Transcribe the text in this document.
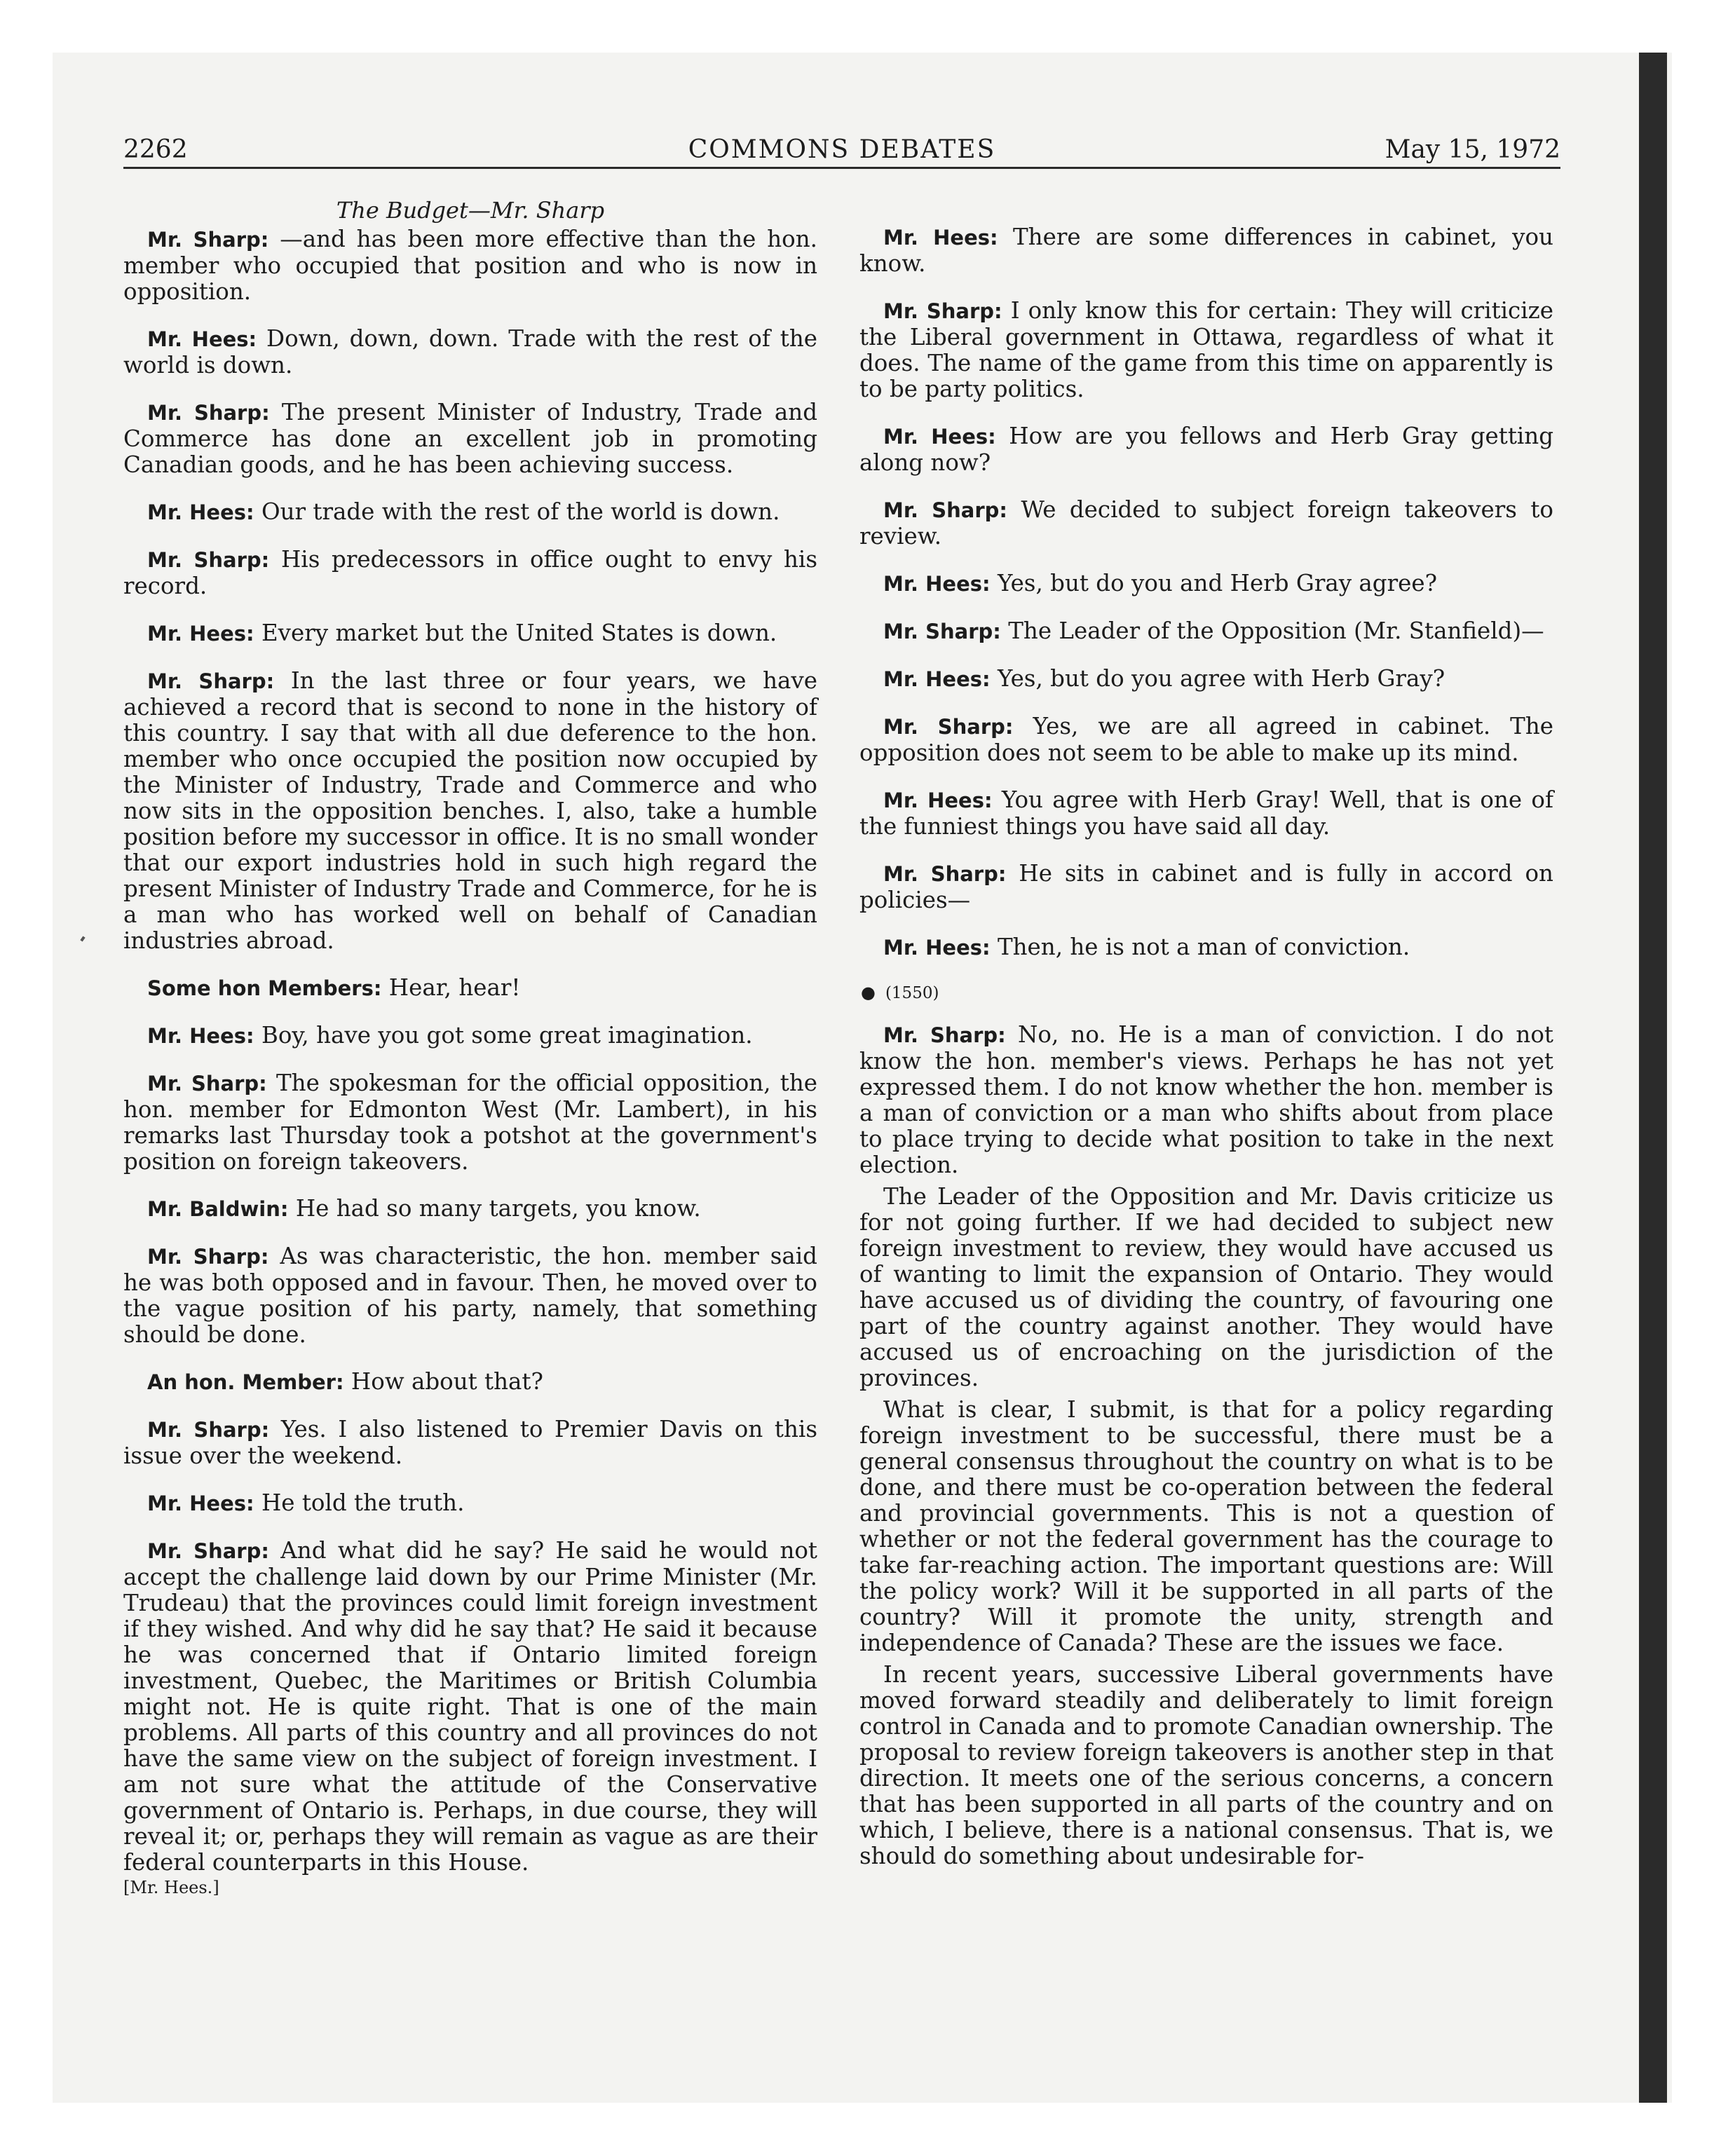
2262	COMMONS DEBATES	May 15, 1972
The Budget—Mr. Sharp

Mr. Sharp: —and has been more effective than the hon. member who occupied that position and who is now in opposition.

Mr. Hees: Down, down, down. Trade with the rest of the world is down.

Mr. Sharp: The present Minister of Industry, Trade and Commerce has done an excellent job in promoting Canadian goods, and he has been achieving success.

Mr. Hees: Our trade with the rest of the world is down.

Mr. Sharp: His predecessors in office ought to envy his record.

Mr. Hees: Every market but the United States is down.

Mr. Sharp: In the last three or four years, we have achieved a record that is second to none in the history of this country. I say that with all due deference to the hon. member who once occupied the position now occupied by the Minister of Industry, Trade and Commerce and who now sits in the opposition benches. I, also, take a humble position before my successor in office. It is no small wonder that our export industries hold in such high regard the present Minister of Industry Trade and Commerce, for he is a man who has worked well on behalf of Canadian industries abroad.

Some hon Members: Hear, hear!

Mr. Hees: Boy, have you got some great imagination.

Mr. Sharp: The spokesman for the official opposition, the hon. member for Edmonton West (Mr. Lambert), in his remarks last Thursday took a potshot at the government's position on foreign takeovers.

Mr. Baldwin: He had so many targets, you know.

Mr. Sharp: As was characteristic, the hon. member said he was both opposed and in favour. Then, he moved over to the vague position of his party, namely, that something should be done.

An hon. Member: How about that?

Mr. Sharp: Yes. I also listened to Premier Davis on this issue over the weekend.

Mr. Hees: He told the truth.

Mr. Sharp: And what did he say? He said he would not accept the challenge laid down by our Prime Minister (Mr. Trudeau) that the provinces could limit foreign investment if they wished. And why did he say that? He said it because he was concerned that if Ontario limited foreign investment, Quebec, the Maritimes or British Columbia might not. He is quite right. That is one of the main problems. All parts of this country and all provinces do not have the same view on the subject of foreign investment. I am not sure what the attitude of the Conservative government of Ontario is. Perhaps, in due course, they will reveal it; or, perhaps they will remain as vague as are their federal counterparts in this House.

Mr. Hees: There are some differences in cabinet, you know.

Mr. Sharp: I only know this for certain: They will criticize the Liberal government in Ottawa, regardless of what it does. The name of the game from this time on apparently is to be party politics.

Mr. Hees: How are you fellows and Herb Gray getting along now?

Mr. Sharp: We decided to subject foreign takeovers to review.

Mr. Hees: Yes, but do you and Herb Gray agree?

Mr. Sharp: The Leader of the Opposition (Mr. Stanfield)—

Mr. Hees: Yes, but do you agree with Herb Gray?

Mr. Sharp: Yes, we are all agreed in cabinet. The opposition does not seem to be able to make up its mind.

Mr. Hees: You agree with Herb Gray! Well, that is one of the funniest things you have said all day.

Mr. Sharp: He sits in cabinet and is fully in accord on policies—

Mr. Hees: Then, he is not a man of conviction.

● (1550)

Mr. Sharp: No, no. He is a man of conviction. I do not know the hon. member's views. Perhaps he has not yet expressed them. I do not know whether the hon. member is a man of conviction or a man who shifts about from place to place trying to decide what position to take in the next election.

The Leader of the Opposition and Mr. Davis criticize us for not going further. If we had decided to subject new foreign investment to review, they would have accused us of wanting to limit the expansion of Ontario. They would have accused us of dividing the country, of favouring one part of the country against another. They would have accused us of encroaching on the jurisdiction of the provinces.

What is clear, I submit, is that for a policy regarding foreign investment to be successful, there must be a general consensus throughout the country on what is to be done, and there must be co-operation between the federal and provincial governments. This is not a question of whether or not the federal government has the courage to take far-reaching action. The important questions are: Will the policy work? Will it be supported in all parts of the country? Will it promote the unity, strength and independence of Canada? These are the issues we face.

In recent years, successive Liberal governments have moved forward steadily and deliberately to limit foreign control in Canada and to promote Canadian ownership. The proposal to review foreign takeovers is another step in that direction. It meets one of the serious concerns, a concern that has been supported in all parts of the country and on which, I believe, there is a national consensus. That is, we should do something about undesirable for-

[Mr. Hees.]
